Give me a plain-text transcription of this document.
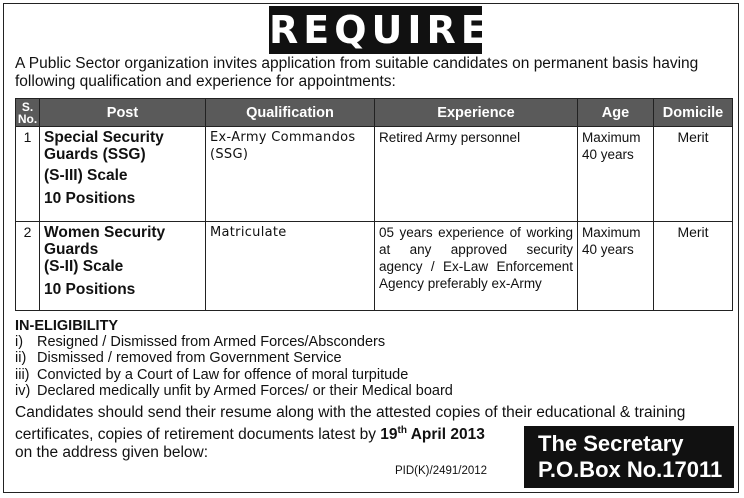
REQUIRED
A Public Sector organization invites application from suitable candidates on permanent basis having following qualification and experience for appointments:
S.
No.	Post	Qualification	Experience	Age	Domicile
1	Special Security Guards (SSG)
(S-III) Scale
10 Positions	Ex-Army Commandos (SSG)	Retired Army personnel	Maximum 40 years	Merit
2	Women Security Guards
(S-II) Scale
10 Positions	Matriculate	05 years experience of working at any approved security agency / Ex-Law Enforcement Agency preferably ex-Army	Maximum 40 years	Merit
IN-ELIGIBILITY
i) Resigned / Dismissed from Armed Forces/Absconders
ii) Dismissed / removed from Government Service
iii) Convicted by a Court of Law for offence of moral turpitude
iv) Declared medically unfit by Armed Forces/ or their Medical board
Candidates should send their resume along with the attested copies of their educational & training
certificates, copies of retirement documents latest by 19th April 2013
on the address given below:	The Secretary
P.O.Box No.17011
PID(K)/2491/2012
